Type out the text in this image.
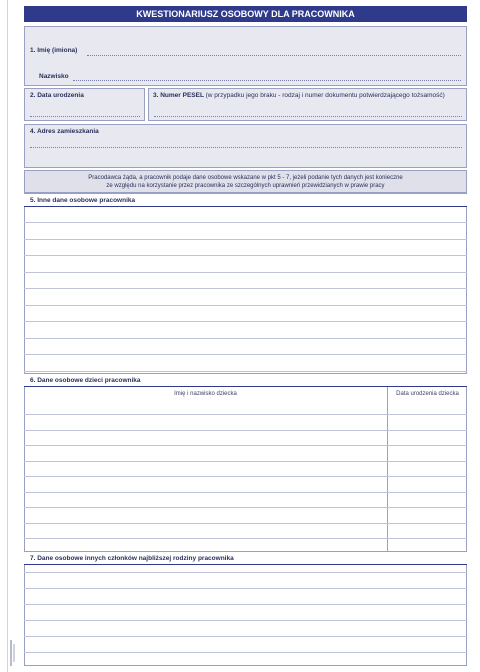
·
KWESTIONARIUSZ OSOBOWY DLA PRACOWNIKA
1. Imię (imiona)
Nazwisko
2. Data urodzenia	3. Numer PESEL (w przypadku jego braku - rodzaj i numer dokumentu potwierdzającego tożsamość)
4. Adres zamieszkania
Pracodawca żąda, a pracownik podaje dane osobowe wskazane w pkt 5 - 7, jeżeli podanie tych danych jest konieczne
ze względu na korzystanie przez pracownika ze szczególnych uprawnień przewidzianych w prawie pracy
5. Inne dane osobowe pracownika
6. Dane osobowe dzieci pracownika
Imię i nazwisko dziecka	Data urodzenia dziecka
7. Dane osobowe innych członków najbliższej rodziny pracownika
